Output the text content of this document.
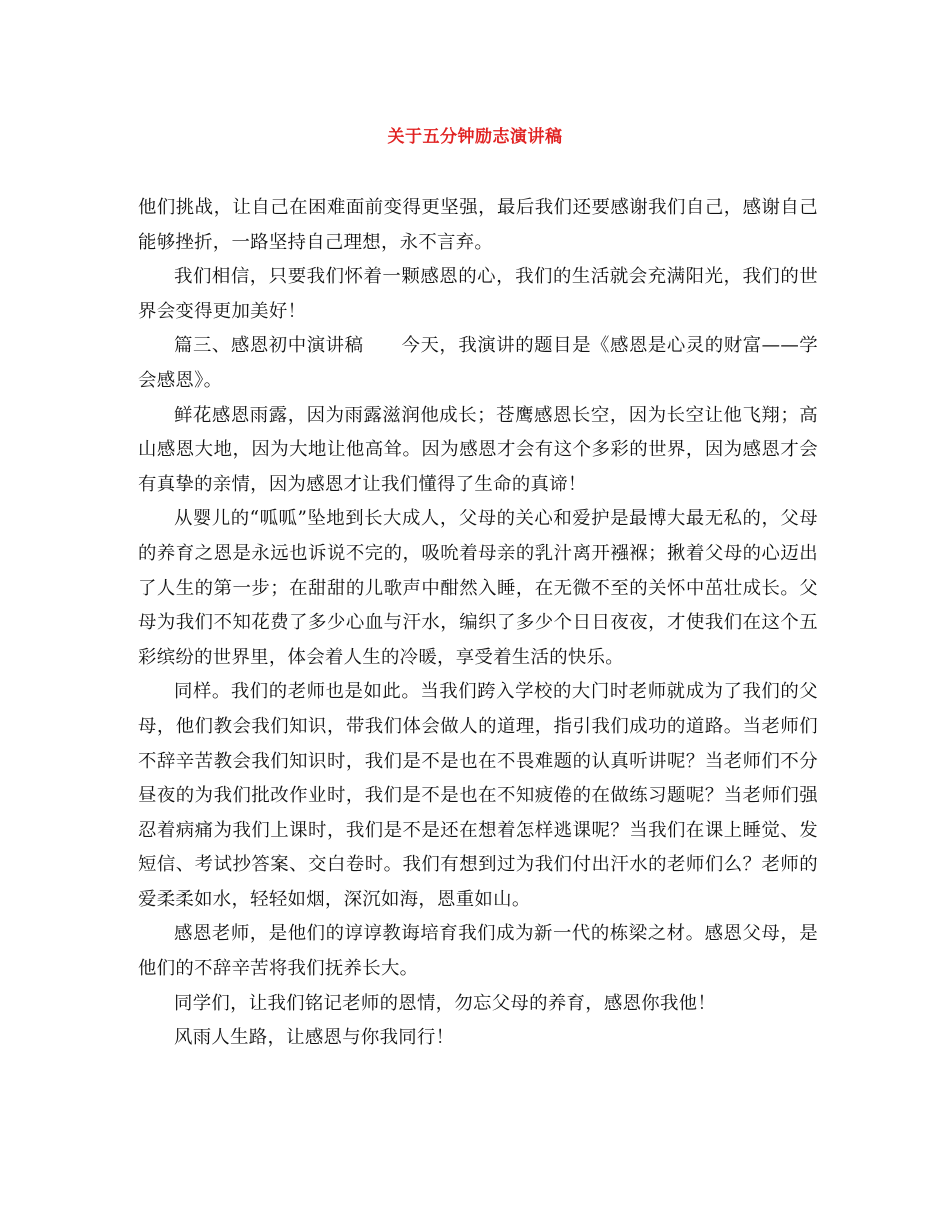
关于五分钟励志演讲稿

他们挑战，让自己在困难面前变得更坚强，最后我们还要感谢我们自己，感谢自己能够挫折，一路坚持自己理想，永不言弃。

我们相信，只要我们怀着一颗感恩的心，我们的生活就会充满阳光，我们的世界会变得更加美好！

篇三、感恩初中演讲稿　　今天，我演讲的题目是《感恩是心灵的财富——学会感恩》。

鲜花感恩雨露，因为雨露滋润他成长；苍鹰感恩长空，因为长空让他飞翔；高山感恩大地，因为大地让他高耸。因为感恩才会有这个多彩的世界，因为感恩才会有真挚的亲情，因为感恩才让我们懂得了生命的真谛！

从婴儿的“呱呱”坠地到长大成人，父母的关心和爱护是最博大最无私的，父母的养育之恩是永远也诉说不完的，吸吮着母亲的乳汁离开襁褓；揪着父母的心迈出了人生的第一步；在甜甜的儿歌声中酣然入睡，在无微不至的关怀中茁壮成长。父母为我们不知花费了多少心血与汗水，编织了多少个日日夜夜，才使我们在这个五彩缤纷的世界里，体会着人生的冷暖，享受着生活的快乐。

同样。我们的老师也是如此。当我们跨入学校的大门时老师就成为了我们的父母，他们教会我们知识，带我们体会做人的道理，指引我们成功的道路。当老师们不辞辛苦教会我们知识时，我们是不是也在不畏难题的认真听讲呢？当老师们不分昼夜的为我们批改作业时，我们是不是也在不知疲倦的在做练习题呢？当老师们强忍着病痛为我们上课时，我们是不是还在想着怎样逃课呢？当我们在课上睡觉、发短信、考试抄答案、交白卷时。我们有想到过为我们付出汗水的老师们么？老师的爱柔柔如水，轻轻如烟，深沉如海，恩重如山。

感恩老师，是他们的谆谆教诲培育我们成为新一代的栋梁之材。感恩父母，是他们的不辞辛苦将我们抚养长大。

同学们，让我们铭记老师的恩情，勿忘父母的养育，感恩你我他！

风雨人生路，让感恩与你我同行！
